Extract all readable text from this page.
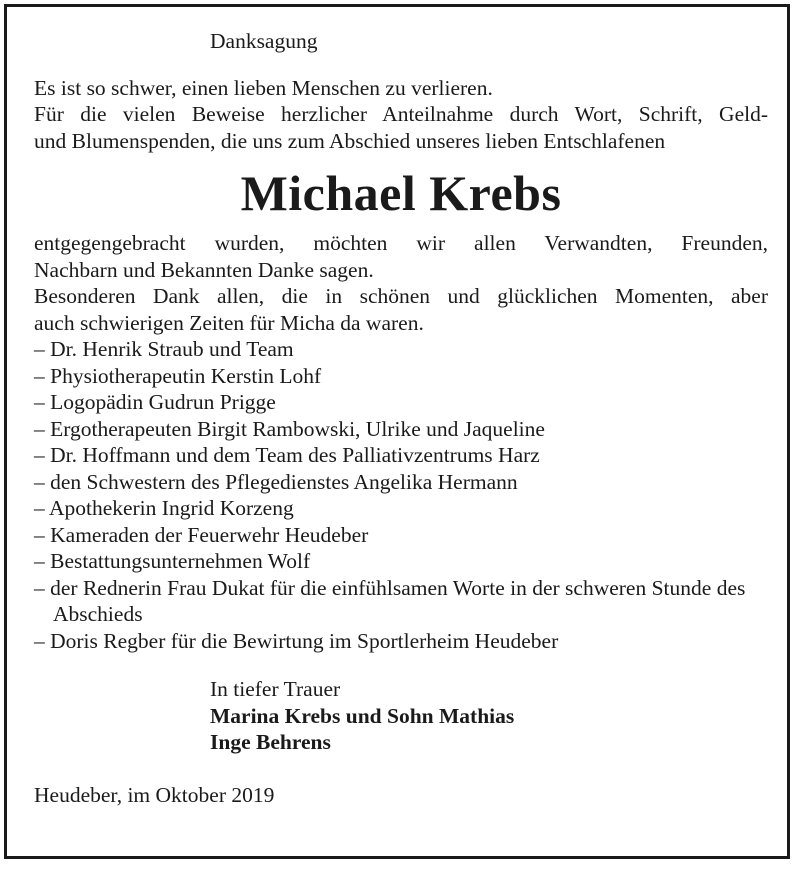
Danksagung

Es ist so schwer, einen lieben Menschen zu verlieren.

Für die vielen Beweise herzlicher Anteilnahme durch Wort, Schrift, Geld-

und Blumenspenden, die uns zum Abschied unseres lieben Entschlafenen

Michael Krebs

entgegengebracht wurden, möchten wir allen Verwandten, Freunden,

Nachbarn und Bekannten Danke sagen.

Besonderen Dank allen, die in schönen und glücklichen Momenten, aber

auch schwierigen Zeiten für Micha da waren.

– Dr. Henrik Straub und Team
– Physiotherapeutin Kerstin Lohf
– Logopädin Gudrun Prigge
– Ergotherapeuten Birgit Rambowski, Ulrike und Jaqueline
– Dr. Hoffmann und dem Team des Palliativzentrums Harz
– den Schwestern des Pflegedienstes Angelika Hermann
– Apothekerin Ingrid Korzeng
– Kameraden der Feuerwehr Heudeber
– Bestattungsunternehmen Wolf
– der Rednerin Frau Dukat für die einfühlsamen Worte in der schweren Stunde des Abschieds
– Doris Regber für die Bewirtung im Sportlerheim Heudeber
In tiefer Trauer
Marina Krebs und Sohn Mathias
Inge Behrens
Heudeber, im Oktober 2019
